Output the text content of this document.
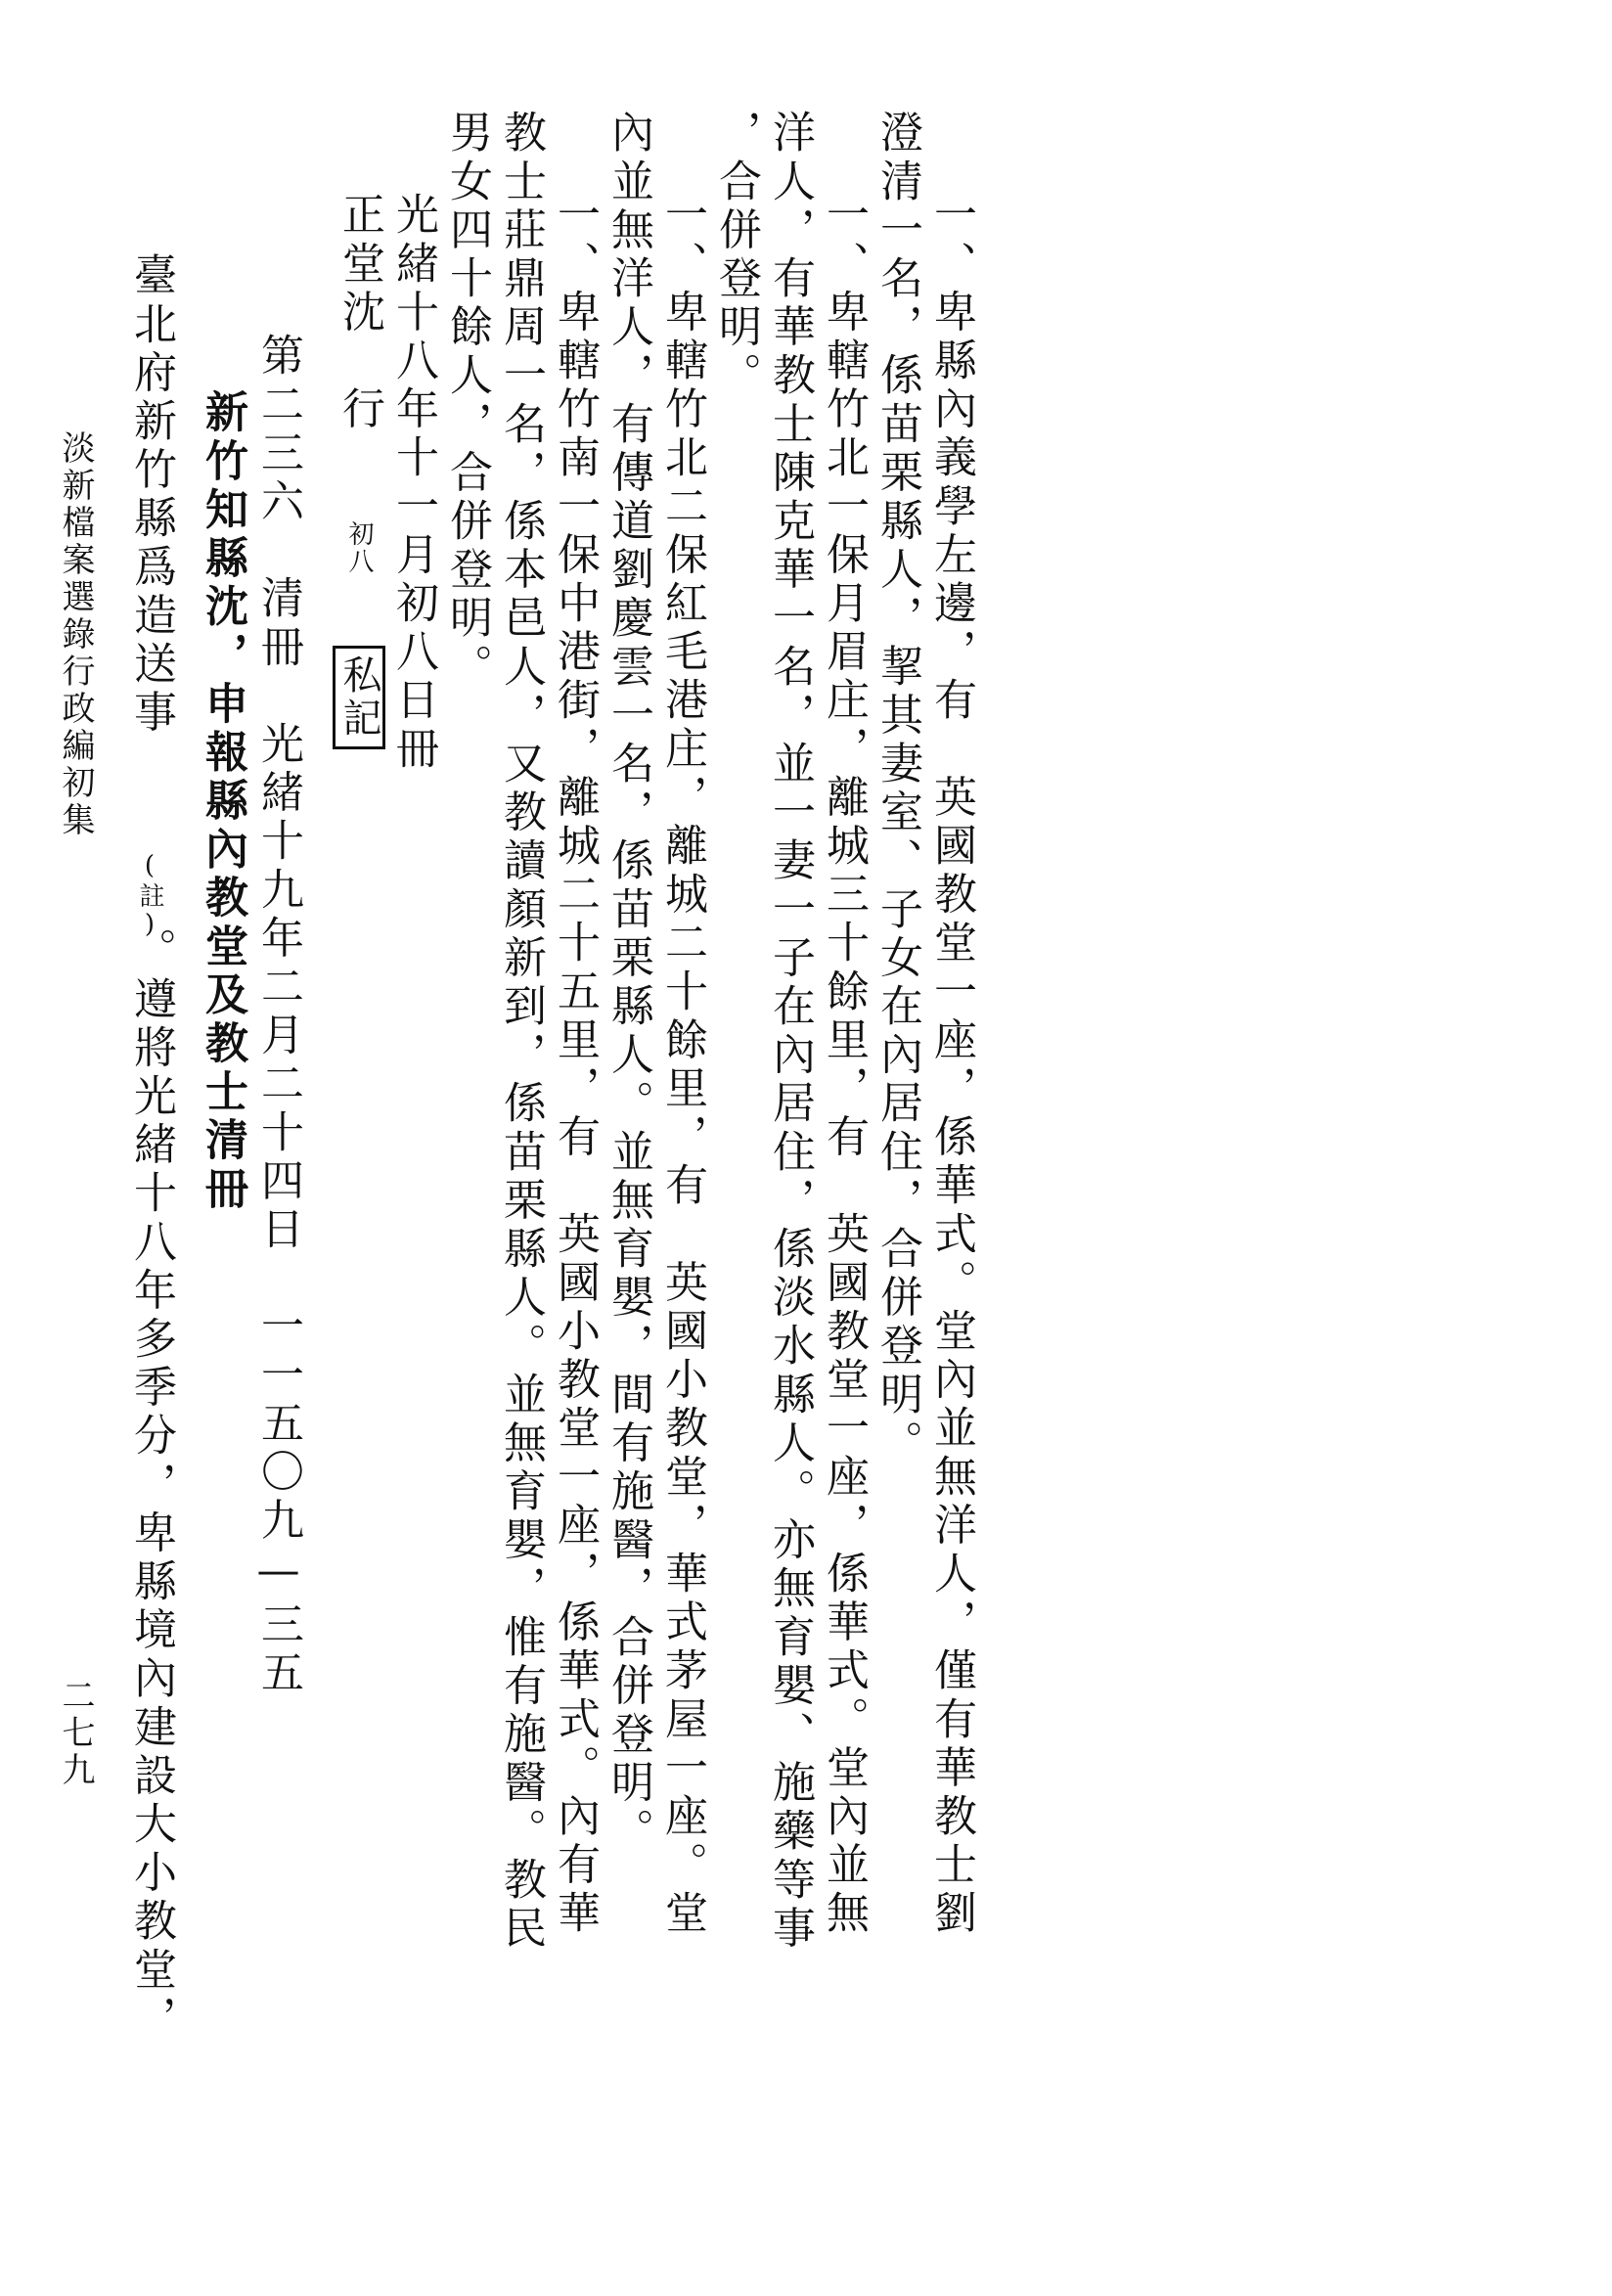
一、卑縣內義學左邊，有　英國教堂一座，係華式。堂內並無洋人，僅有華教士劉
澄清一名，係苗栗縣人，挈其妻室、子女在內居住，合併登明。
一、卑轄竹北一保月眉庄，離城三十餘里，有　英國教堂一座，係華式。堂內並無
洋人，有華教士陳克華一名，並一妻一子在內居住，係淡水縣人。亦無育嬰、施藥等事
，合併登明。
一、卑轄竹北二保紅毛港庄，離城二十餘里，有　英國小教堂，華式茅屋一座。堂
內並無洋人，有傳道劉慶雲一名，係苗栗縣人。並無育嬰，間有施醫，合併登明。
一、卑轄竹南一保中港街，離城二十五里，有　英國小教堂一座，係華式。內有華
教士莊鼎周一名，係本邑人，又教讀顏新到，係苗栗縣人。並無育嬰，惟有施醫。教民
男女四十餘人，合併登明。
光緒十八年十一月初八日冊
正堂沈　行
初八
私記
第二三六　清冊　光緒十九年二月二十四日　一一五〇九—三五
新竹知縣沈，申報縣內教堂及教士清冊
臺北府新竹縣爲造送事
(註)
。遵將光緒十八年多季分，卑縣境內建設大小教堂，
淡新檔案選錄行政編初集
二七九
